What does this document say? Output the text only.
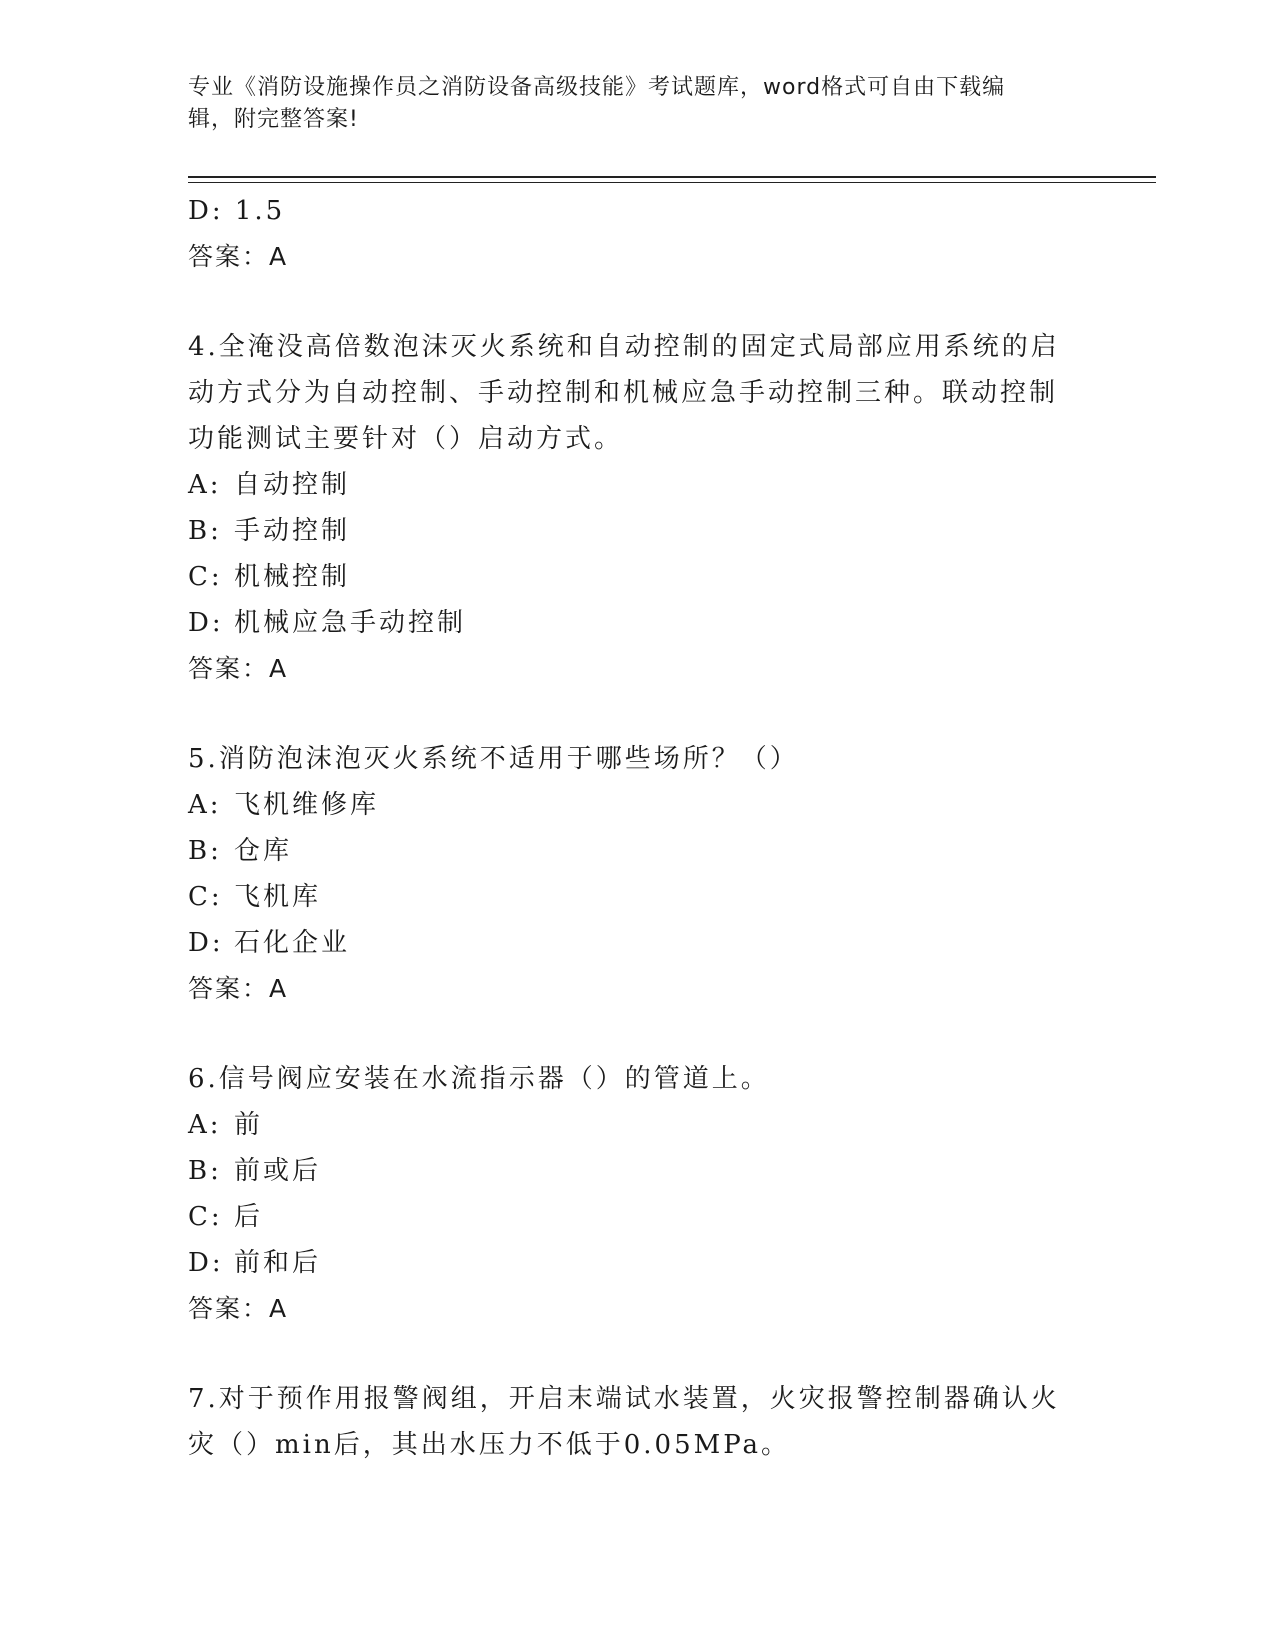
专业《消防设施操作员之消防设备高级技能》考试题库，word格式可自由下载编
辑，附完整答案!
D: 1.5
答案：A
4.全淹没高倍数泡沫灭火系统和自动控制的固定式局部应用系统的启动方式分为自动控制、手动控制和机械应急手动控制三种。联动控制功能测试主要针对（）启动方式。
A: 自动控制
B: 手动控制
C: 机械控制
D: 机械应急手动控制
答案：A
5.消防泡沫泡灭火系统不适用于哪些场所？（）
A: 飞机维修库
B: 仓库
C: 飞机库
D: 石化企业
答案：A
6.信号阀应安装在水流指示器（）的管道上。
A: 前
B: 前或后
C: 后
D: 前和后
答案：A
7.对于预作用报警阀组，开启末端试水装置，火灾报警控制器确认火灾（）min后，其出水压力不低于0.05MPa。
